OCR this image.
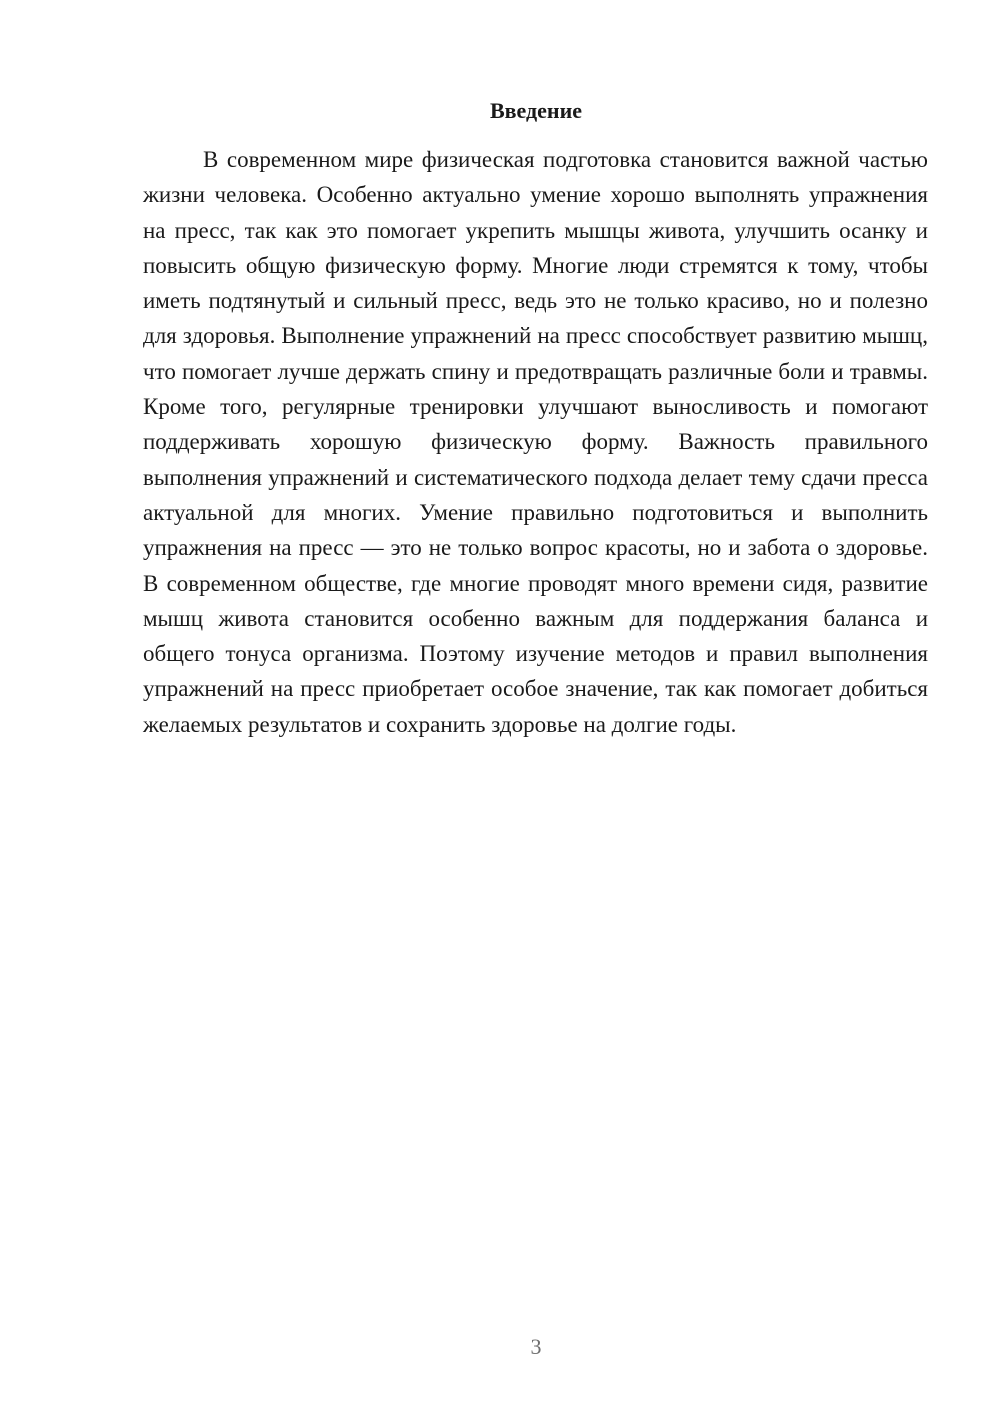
Введение

В современном мире физическая подготовка становится важной частью жизни человека. Особенно актуально умение хорошо выполнять упражнения на пресс, так как это помогает укрепить мышцы живота, улучшить осанку и повысить общую физическую форму. Многие люди стремятся к тому, чтобы иметь подтянутый и сильный пресс, ведь это не только красиво, но и полезно для здоровья. Выполнение упражнений на пресс способствует развитию мышц, что помогает лучше держать спину и предотвращать различные боли и травмы. Кроме того, регулярные тренировки улучшают выносливость и помогают поддерживать хорошую физическую форму. Важность правильного выполнения упражнений и систематического подхода делает тему сдачи пресса актуальной для многих. Умение правильно подготовиться и выполнить упражнения на пресс — это не только вопрос красоты, но и забота о здоровье. В современном обществе, где многие проводят много времени сидя, развитие мышц живота становится особенно важным для поддержания баланса и общего тонуса организма. Поэтому изучение методов и правил выполнения упражнений на пресс приобретает особое значение, так как помогает добиться желаемых результатов и сохранить здоровье на долгие годы.

3
